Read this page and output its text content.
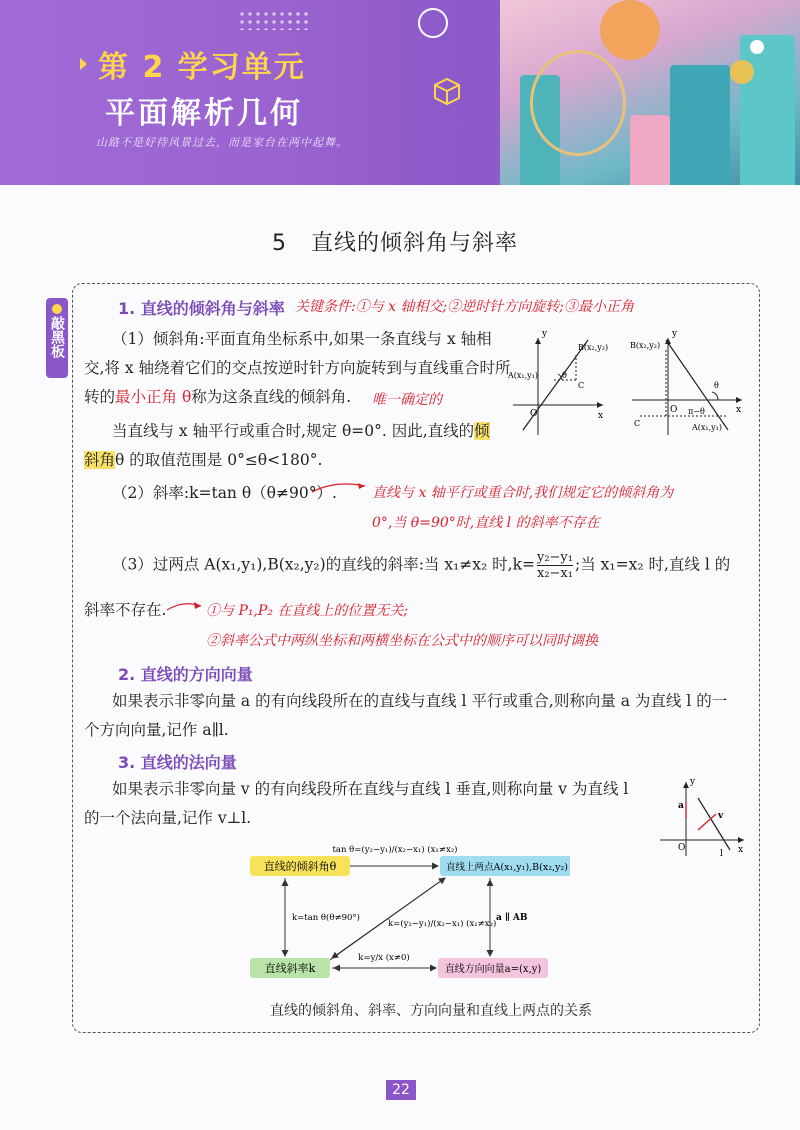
第 2 学习单元
平面解析几何
山路不是好待风景过去，而是家台在两中起舞。
5 直线的倾斜角与斜率
敲黑板
1. 直线的倾斜角与斜率 关键条件:①与 x 轴相交;②逆时针方向旋转;③最小正角
（1）倾斜角:平面直角坐标系中,如果一条直线与 x 轴相
交,将 x 轴绕着它们的交点按逆时针方向旋转到与直线重合时所
转的最小正角 θ称为这条直线的倾斜角. 唯一确定的
当直线与 x 轴平行或重合时,规定 θ=0°. 因此,直线的倾
斜角θ 的取值范围是 0°≤θ<180°.
（2）斜率:k=tan θ（θ≠90°）.	直线与 x 轴平行或重合时,我们规定它的倾斜角为
0°,当 θ=90°时,直线 l 的斜率不存在
（3）过两点 A(x₁,y₁),B(x₂,y₂)的直线的斜率:当 x₁≠x₂ 时$,k= \frac{\text{y₂−y₁}}{\text{x₂−x₁}}$ ;当 x₁=x₂ 时,直线 l 的
斜率不存在.	①与 P₁,P₂ 在直线上的位置无关;
②斜率公式中两纵坐标和两横坐标在公式中的顺序可以同时调换
y
x
O
A(x₁,y₁)
B(x₂,y₂)
C
θ
y
x
O
B(x₂,y₂)
C	A(x₁,y₁)
θ
π−θ
2. 直线的方向向量
如果表示非零向量 a 的有向线段所在的直线与直线 l 平行或重合,则称向量 a 为直线 l 的一
个方向向量,记作 a∥l.
3. 直线的法向量
如果表示非零向量 v 的有向线段所在直线与直线 l 垂直,则称向量 v 为直线 l
的一个法向量,记作 v⊥l.
y
x
O
a
v
l
直线的倾斜角θ	直线上两点A(x₁,y₁),B(x₂,y₂)
直线斜率k	直线方向向量a=(x,y)
tan θ=(y₂−y₁)/(x₂−x₁) (x₁≠x₂)
k=tan θ(θ≠90°)
k=(y₂−y₁)/(x₂−x₁) (x₁≠x₂)
a ∥ AB
k=y/x (x≠0)
直线的倾斜角、斜率、方向向量和直线上两点的关系
22
